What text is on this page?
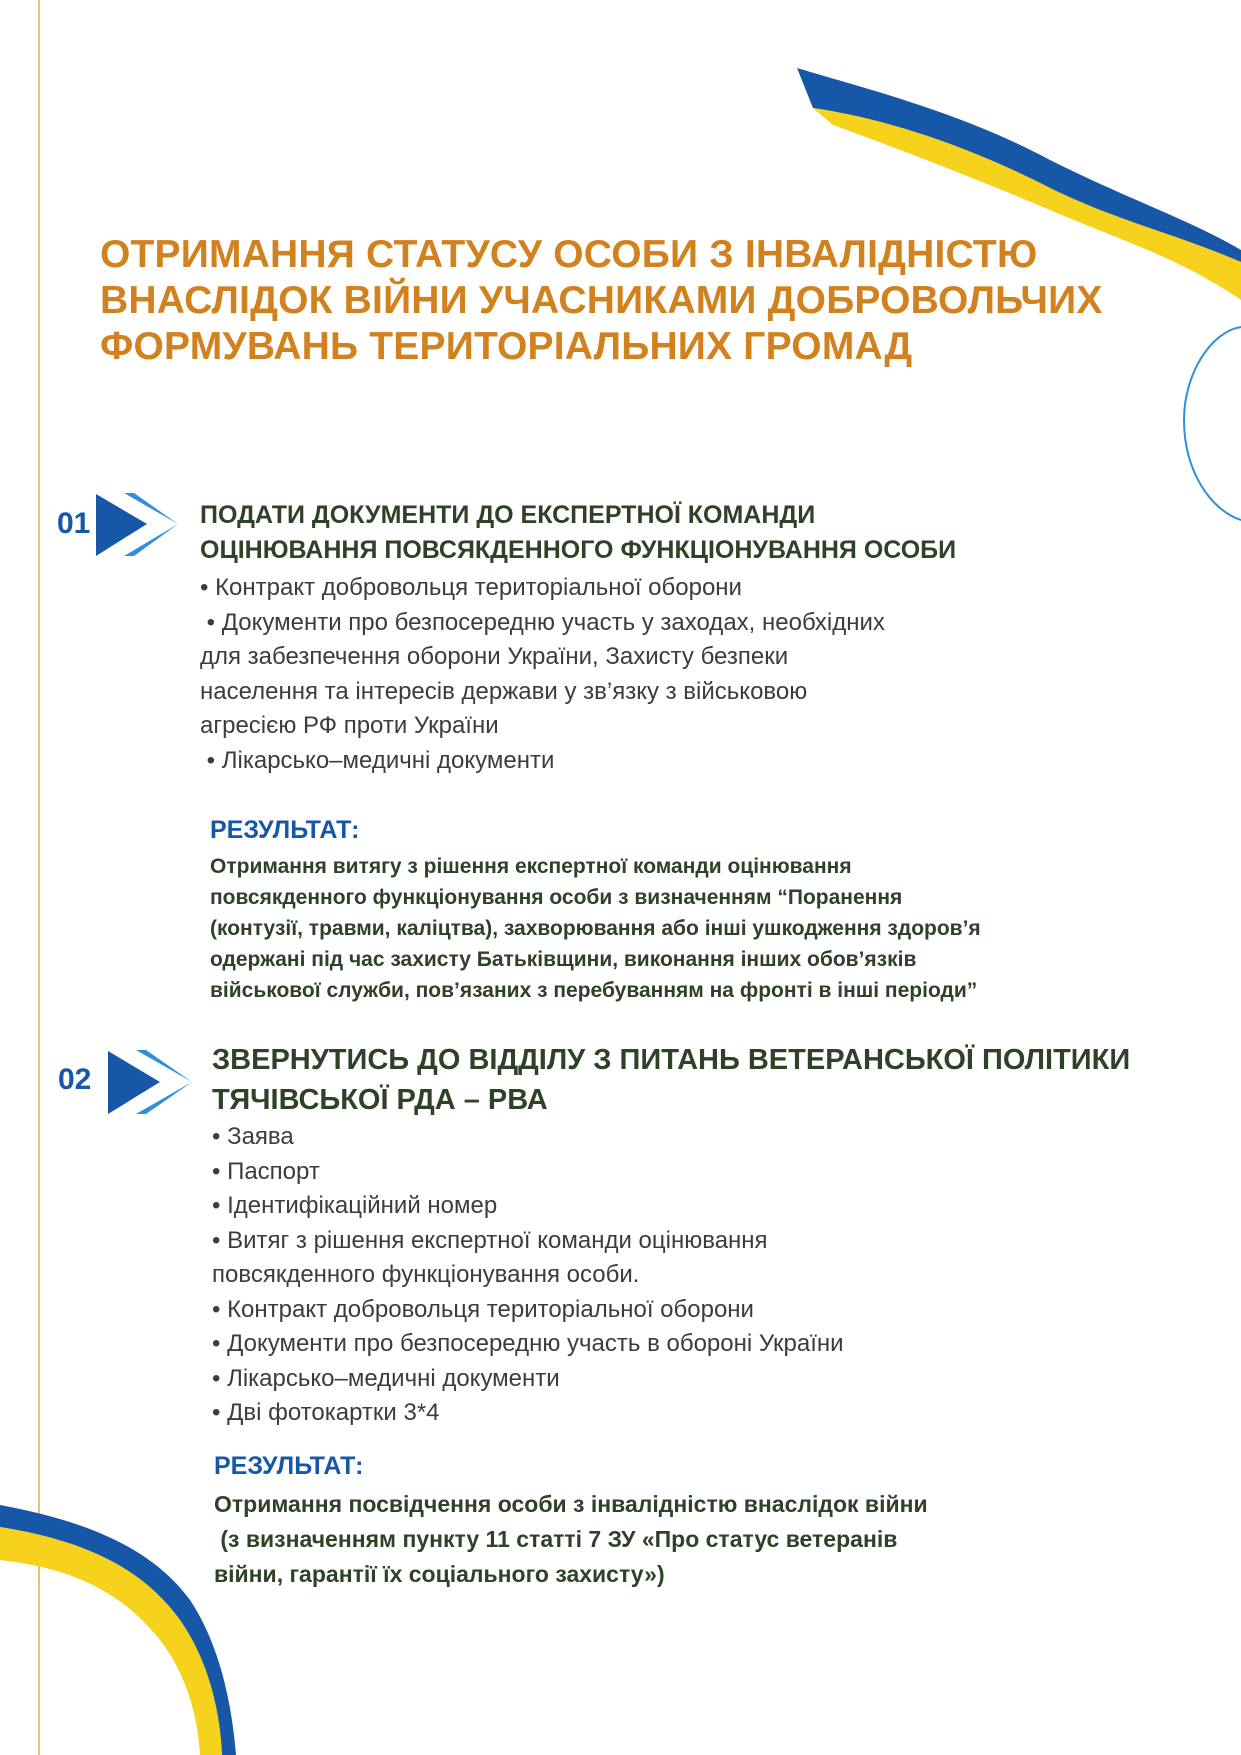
ОТРИМАННЯ СТАТУСУ ОСОБИ З ІНВАЛІДНІСТЮ
ВНАСЛІДОК ВІЙНИ УЧАСНИКАМИ ДОБРОВОЛЬЧИХ
ФОРМУВАНЬ ТЕРИТОРІАЛЬНИХ ГРОМАД
01	ПОДАТИ ДОКУМЕНТИ ДО ЕКСПЕРТНОЇ КОМАНДИ
ОЦІНЮВАННЯ ПОВСЯКДЕННОГО ФУНКЦІОНУВАННЯ ОСОБИ
• Контракт добровольця територіальної оборони
• Документи про безпосередню участь у заходах, необхідних
для забезпечення оборони України, Захисту безпеки
населення та інтересів держави у зв’язку з військовою
агресією РФ проти України
• Лікарсько–медичні документи
РЕЗУЛЬТАТ:
Отримання витягу з рішення експертної команди оцінювання
повсякденного функціонування особи з визначенням “Поранення
(контузії, травми, каліцтва), захворювання або інші ушкодження здоров’я
одержані під час захисту Батьківщини, виконання інших обов’язків
військової служби, пов’язаних з перебуванням на фронті в інші періоди”
02
ЗВЕРНУТИСЬ ДО ВІДДІЛУ З ПИТАНЬ ВЕТЕРАНСЬКОЇ ПОЛІТИКИ
ТЯЧІВСЬКОЇ РДА – РВА
• Заява
• Паспорт
• Ідентифікаційний номер
• Витяг з рішення експертної команди оцінювання
повсякденного функціонування особи.
• Контракт добровольця територіальної оборони
• Документи про безпосередню участь в обороні України
• Лікарсько–медичні документи
• Дві фотокартки 3*4
РЕЗУЛЬТАТ:
Отримання посвідчення особи з інвалідністю внаслідок війни
(з визначенням пункту 11 статті 7 ЗУ «Про статус ветеранів
війни, гарантії їх соціального захисту»)
